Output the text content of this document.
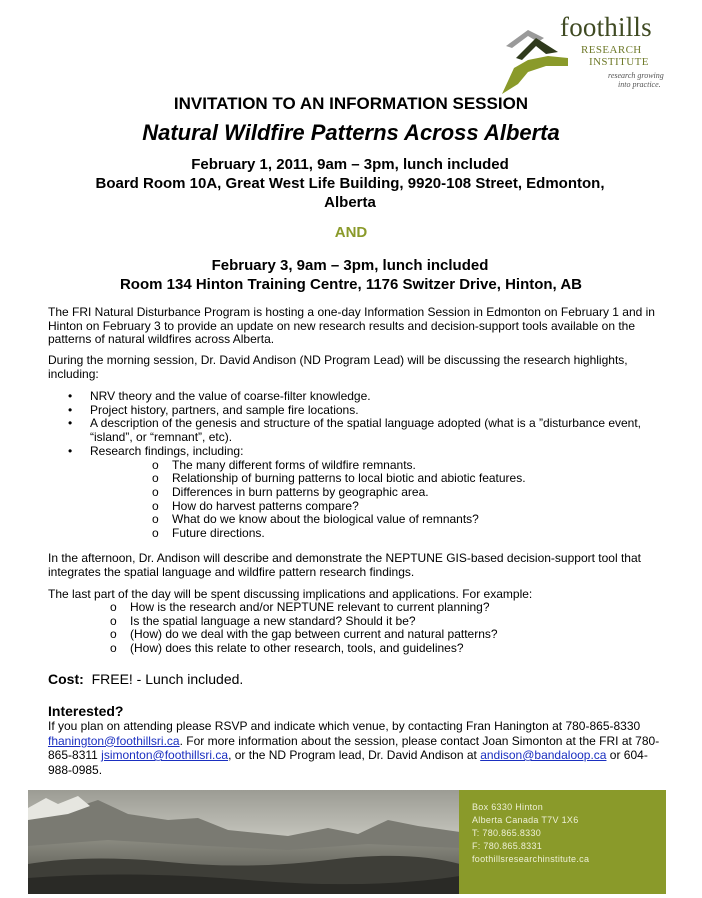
foothills
RESEARCH
INSTITUTE
research growing
into practice.
INVITATION TO AN INFORMATION SESSION
Natural Wildfire Patterns Across Alberta
February 1, 2011, 9am – 3pm, lunch included
Board Room 10A, Great West Life Building, 9920-108 Street, Edmonton,
Alberta
AND
February 3, 9am – 3pm, lunch included
Room 134 Hinton Training Centre, 1176 Switzer Drive, Hinton, AB
The FRI Natural Disturbance Program is hosting a one-day Information Session in Edmonton on February 1 and in Hinton on February 3 to provide an update on new research results and decision-support tools available on the patterns of natural wildfires across Alberta.
During the morning session, Dr. David Andison (ND Program Lead) will be discussing the research highlights, including:
• NRV theory and the value of coarse-filter knowledge.
• Project history, partners, and sample fire locations.
• A description of the genesis and structure of the spatial language adopted (what is a ”disturbance event, “island”, or “remnant”, etc).
• Research findings, including:
o The many different forms of wildfire remnants.
o Relationship of burning patterns to local biotic and abiotic features.
o Differences in burn patterns by geographic area.
o How do harvest patterns compare?
o What do we know about the biological value of remnants?
o Future directions.
In the afternoon, Dr. Andison will describe and demonstrate the NEPTUNE GIS-based decision-support tool that integrates the spatial language and wildfire pattern research findings.
The last part of the day will be spent discussing implications and applications. For example:
o How is the research and/or NEPTUNE relevant to current planning?
o Is the spatial language a new standard? Should it be?
o (How) do we deal with the gap between current and natural patterns?
o (How) does this relate to other research, tools, and guidelines?
Cost: FREE! - Lunch included.
Interested?
If you plan on attending please RSVP and indicate which venue, by contacting Fran Hanington at 780-865-8330 fhanington@foothillsri.ca. For more information about the session, please contact Joan Simonton at the FRI at 780-865-8311 jsimonton@foothillsri.ca, or the ND Program lead, Dr. David Andison at andison@bandaloop.ca or 604-988-0985.
Box 6330 Hinton
Alberta Canada T7V 1X6
T: 780.865.8330
F: 780.865.8331
foothillsresearchinstitute.ca
